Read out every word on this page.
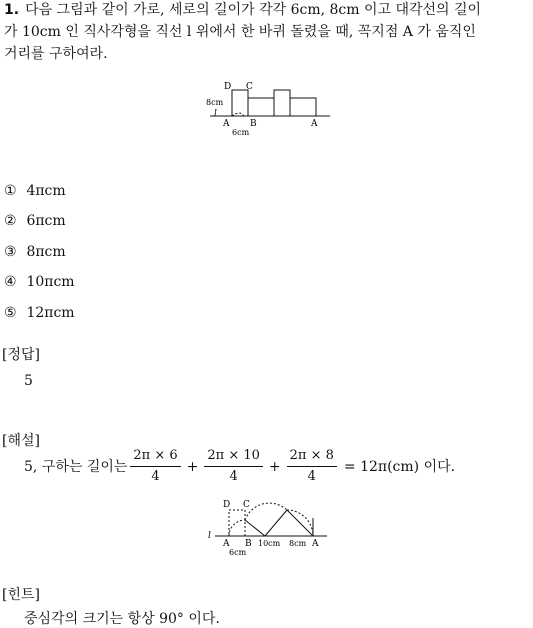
1. 다음 그림과 같이 가로, 세로의 길이가 각각 6cm, 8cm 이고 대각선의 길이
가 10cm 인 직사각형을 직선 l 위에서 한 바퀴 돌렸을 때, 꼭지점 A 가 움직인
거리를 구하여라.
D C
8cm
l
A B	A
6cm
① 4πcm
② 6πcm
③ 8πcm
④ 10πcm
⑤ 12πcm
[정답]
5
[해설]
5, 구하는 길이는 $\frac{2\pi \times 6}{4} + \frac{2\pi \times 10}{4} + \frac{2\pi \times 8}{4} = 12\pi(cm)$ 이다.
D C
l
A B 10cm 8cm A
6cm
[힌트]
중심각의 크기는 항상 90° 이다.
